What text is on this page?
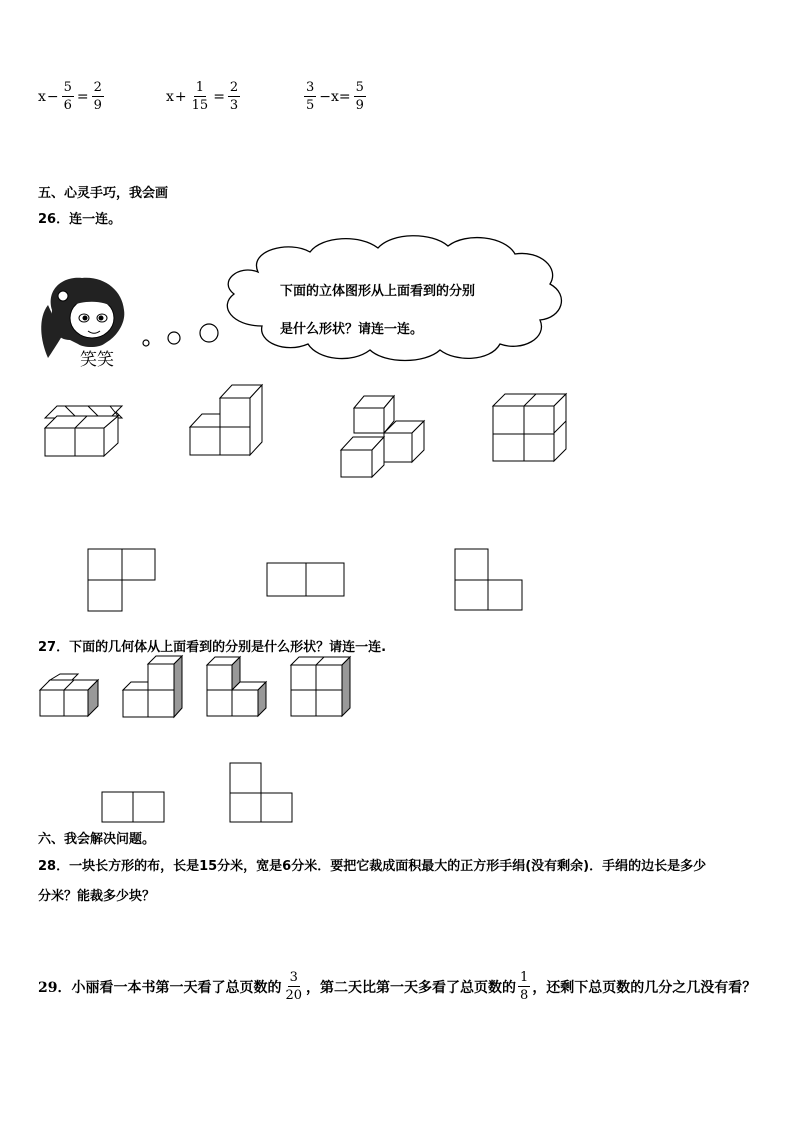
$x - \frac{5}{6} = \frac{2}{9}$	$x + \frac{1}{15} = \frac{2}{3}$	$\frac{3}{5} -x= \frac{5}{9}$
五、心灵手巧，我会画
26．连一连。
笑笑
下面的立体图形从上面看到的分别
是什么形状？请连一连。
27．下面的几何体从上面看到的分别是什么形状？请连一连.
六、我会解决问题。
28．一块长方形的布，长是15分米，宽是6分米．要把它裁成面积最大的正方形手绢(没有剩余)．手绢的边长是多少
分米？能裁多少块？
29．小丽看一本书第一天看了总页数的 $\frac{3}{20}$ ，第二天比第一天多看了总页数的 $\frac{1}{8}$ ，还剩下总页数的几分之几没有看？
